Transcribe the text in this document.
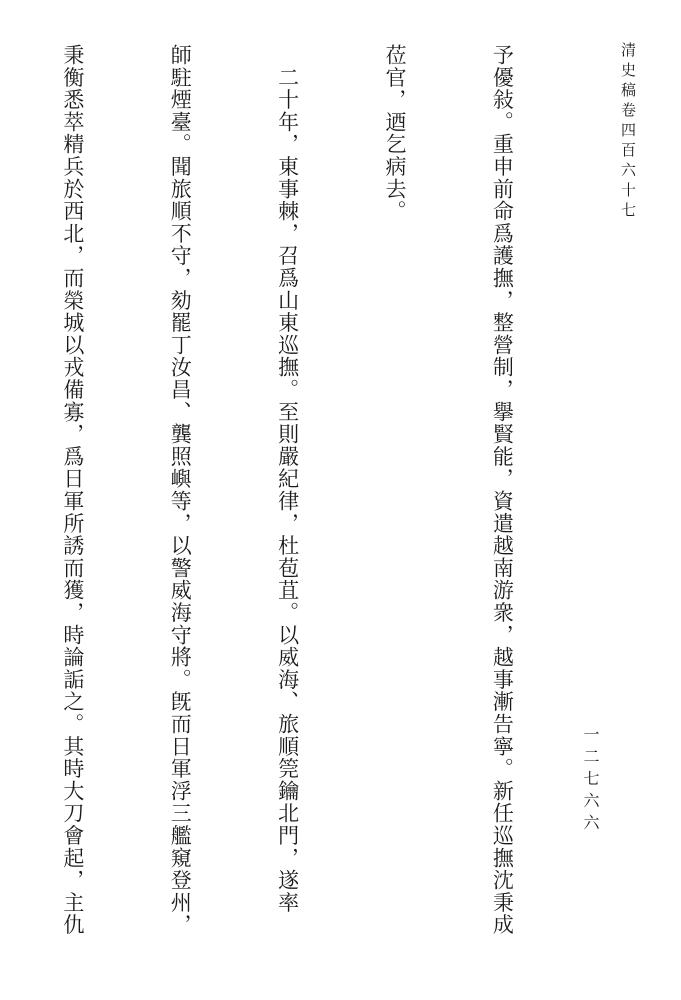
清史稿卷四百六十七
一二七六六

予優敍。重申前命爲護撫，整營制，擧賢能，資遣越南游衆，越事漸告寧。新任巡撫沈秉成

莅官，迺乞病去。

　二十年，東事棘，召爲山東巡撫。至則嚴紀律，杜苞苴。以威海、旅順筦鑰北門，遂率

師駐煙臺。聞旅順不守，劾罷丁汝昌、龔照嶼等，以警威海守將。旣而日軍浮三艦窺登州，

秉衡悉萃精兵於西北，而榮城以戎備寡，爲日軍所誘而獲，時論詬之。其時大刀會起，主仇
